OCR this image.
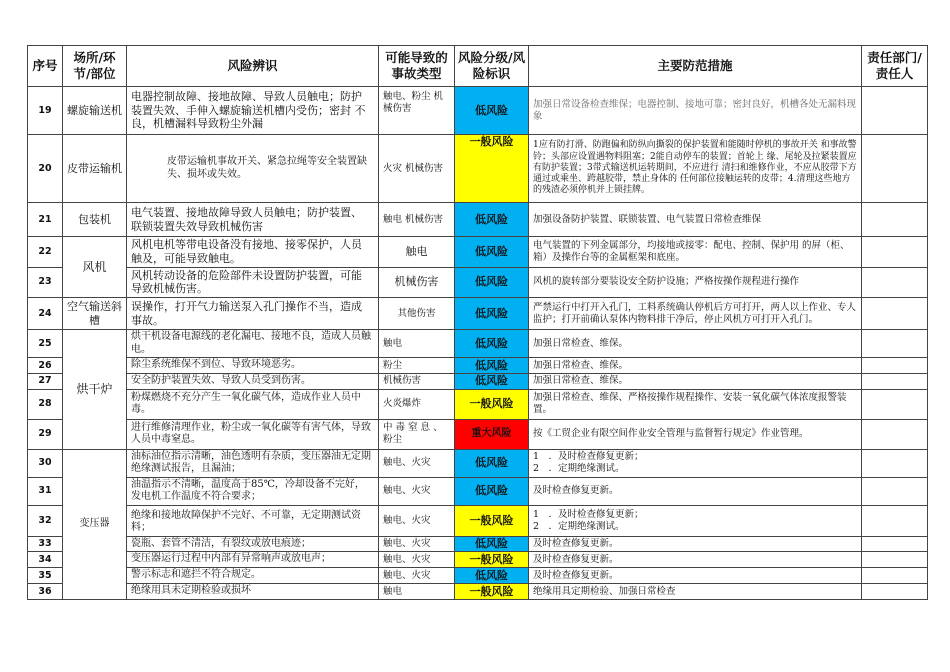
序号	场所/环节/部位	风险辨识	可能导致的事故类型	风险分级/风险标识	主要防范措施	责任部门/责任人
19	螺旋输送机	电器控制故障、接地故障、导致人员触电；防护 装置失效、手伸入螺旋输送机槽内受伤；密封 不 良，机槽漏料导致粉尘外漏	触电、粉尘 机械伤害	低风险	加强日常设备检查维保；电器控制、接地可靠；密封良好，机槽各处无漏料现象	
20	皮带运输机	皮带运输机事故开关、紧急拉绳等安全装置缺失、损坏或失效。	火灾 机械伤害	一般风险	1应有防打滑、防跑偏和防纵向撕裂的保护装置和能随时停机的事故开关 和事故警铃；头部应设置遇物料阻塞；2能自动停车的装置；首轮上 缘、尾轮及拉紧装置应有防护装置；3带式输送机运转期间，不应进行 清扫和维修作业，不应从胶带下方通过或乘坐、跨越胶带，禁止身体的 任何部位接触运转的皮带；4.清理这些地方的残渣必须停机并上锁挂牌。	
21	包装机	电气装置、接地故障导致人员触电；防护装置、 联锁装置失效导致机械伤害	触电 机械伤害	低风险	加强设备防护装置、联锁装置、电气装置日常检查维保	
22	风机	风机电机等带电设备没有接地、接零保护，人员 触及，可能导致触电。	触电	低风险	电气装置的下列金属部分，均接地或接零：配电、控制、保护用 的屏（柜、箱）及操作台等的金属框架和底座。	
23		风机转动设备的危险部件未设置防护装置，可能 导致机械伤害。	机械伤害	低风险	风机的旋转部分要装设安全防护设施；严格按操作规程进行操作	
24	空气输送斜槽	误操作，打开气力输送泵入孔门操作不当，造成 事故。	其他伤害	低风险	严禁运行中打开入孔门，工料系统确认停机后方可打开，两人以上作业、专人监护；打开前确认泵体内物料排干净后，停止风机方可打开入孔门。	
25	烘干炉	烘干机设备电源线的老化漏电、接地不良，造成人员触电。	触电	低风险	加强日常检查、维保。	
26		除尘系统维保不到位、导致环境恶劣。	粉尘	低风险	加强日常检查、维保。	
27		安全防护装置失效、导致人员受到伤害。	机械伤害	低风险	加强日常检查、维保。	
28		粉煤燃烧不充分产生一氧化碳气体，造成作业人员中毒。	火炎爆炸	一般风险	加强日常检查、维保、严格按操作规程操作、安装一氧化碳气体浓度报警装置。	
29		进行维修清理作业，粉尘或一氧化碳等有害气体，导致人员中毒窒息。	中 毒 窒 息 、 粉尘	重大风险	按《工贸企业有限空间作业安全管理与监督暂行规定》作业管理。	
30	变压器	油标油位指示清晰，油色透明有杂质，变压器油无定期绝缘测试报告，且漏油；	触电、火灾	低风险	1　．及时检查修复更新；
2　．定期绝缘测试。	
31		油温指示不清晰，温度高于85℃，冷却设备不完好，发电机工作温度不符合要求；	触电、火灾	低风险	及时检查修复更新。	
32		绝缘和接地故障保护不完好、不可靠，无定期测试资料；	触电、火灾	一般风险	1　．及时检查修复更新；
2　．定期绝缘测试。	
33		瓷瓶、套管不清洁，有裂纹或放电痕迹；	触电、火灾	低风险	及时检查修复更新。	
34		变压器运行过程中内部有异常响声或放电声；	触电、火灾	一般风险	及时检查修复更新。	
35		警示标志和遮拦不符合规定。	触电、火灾	低风险	及时检查修复更新。	
36		绝缘用具未定期检验或损坏	触电	一般风险	绝缘用具定期检验、加强日常检查	
